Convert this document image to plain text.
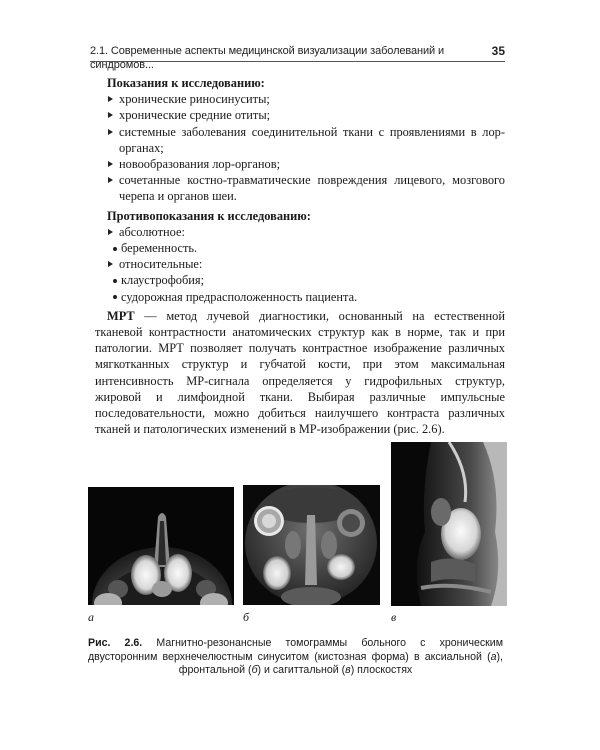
2.1. Современные аспекты медицинской визуализации заболеваний и синдромов...
35
Показания к исследованию:
хронические риносинуситы;
хронические средние отиты;
системные заболевания соединительной ткани с проявлениями в лор-органах;
новообразования лор-органов;
сочетанные костно-травматические повреждения лицевого, мозгового черепа и органов шеи.
Противопоказания к исследованию:
абсолютное:
беременность.
относительные:
клаустрофобия;
судорожная предрасположенность пациента.

МРТ — метод лучевой диагностики, основанный на естественной тканевой контрастности анатомических структур как в норме, так и при патологии. МРТ позволяет получать контрастное изображение различных мягкотканных структур и губчатой кости, при этом максимальная интенсивность МР-сигнала определяется у гидрофильных структур, жировой и лимфоидной ткани. Выбирая различные импульсные последовательности, можно добиться наилучшего контраста различных тканей и патологических изменений в МР-изображении (рис. 2.6).

а	б	в
Рис. 2.6. Магнитно-резонансные томограммы больного с хроническим двусторонним верхнечелюстным синуситом (кистозная форма) в аксиальной (а), фронтальной (б) и сагиттальной (в) плоскостях
